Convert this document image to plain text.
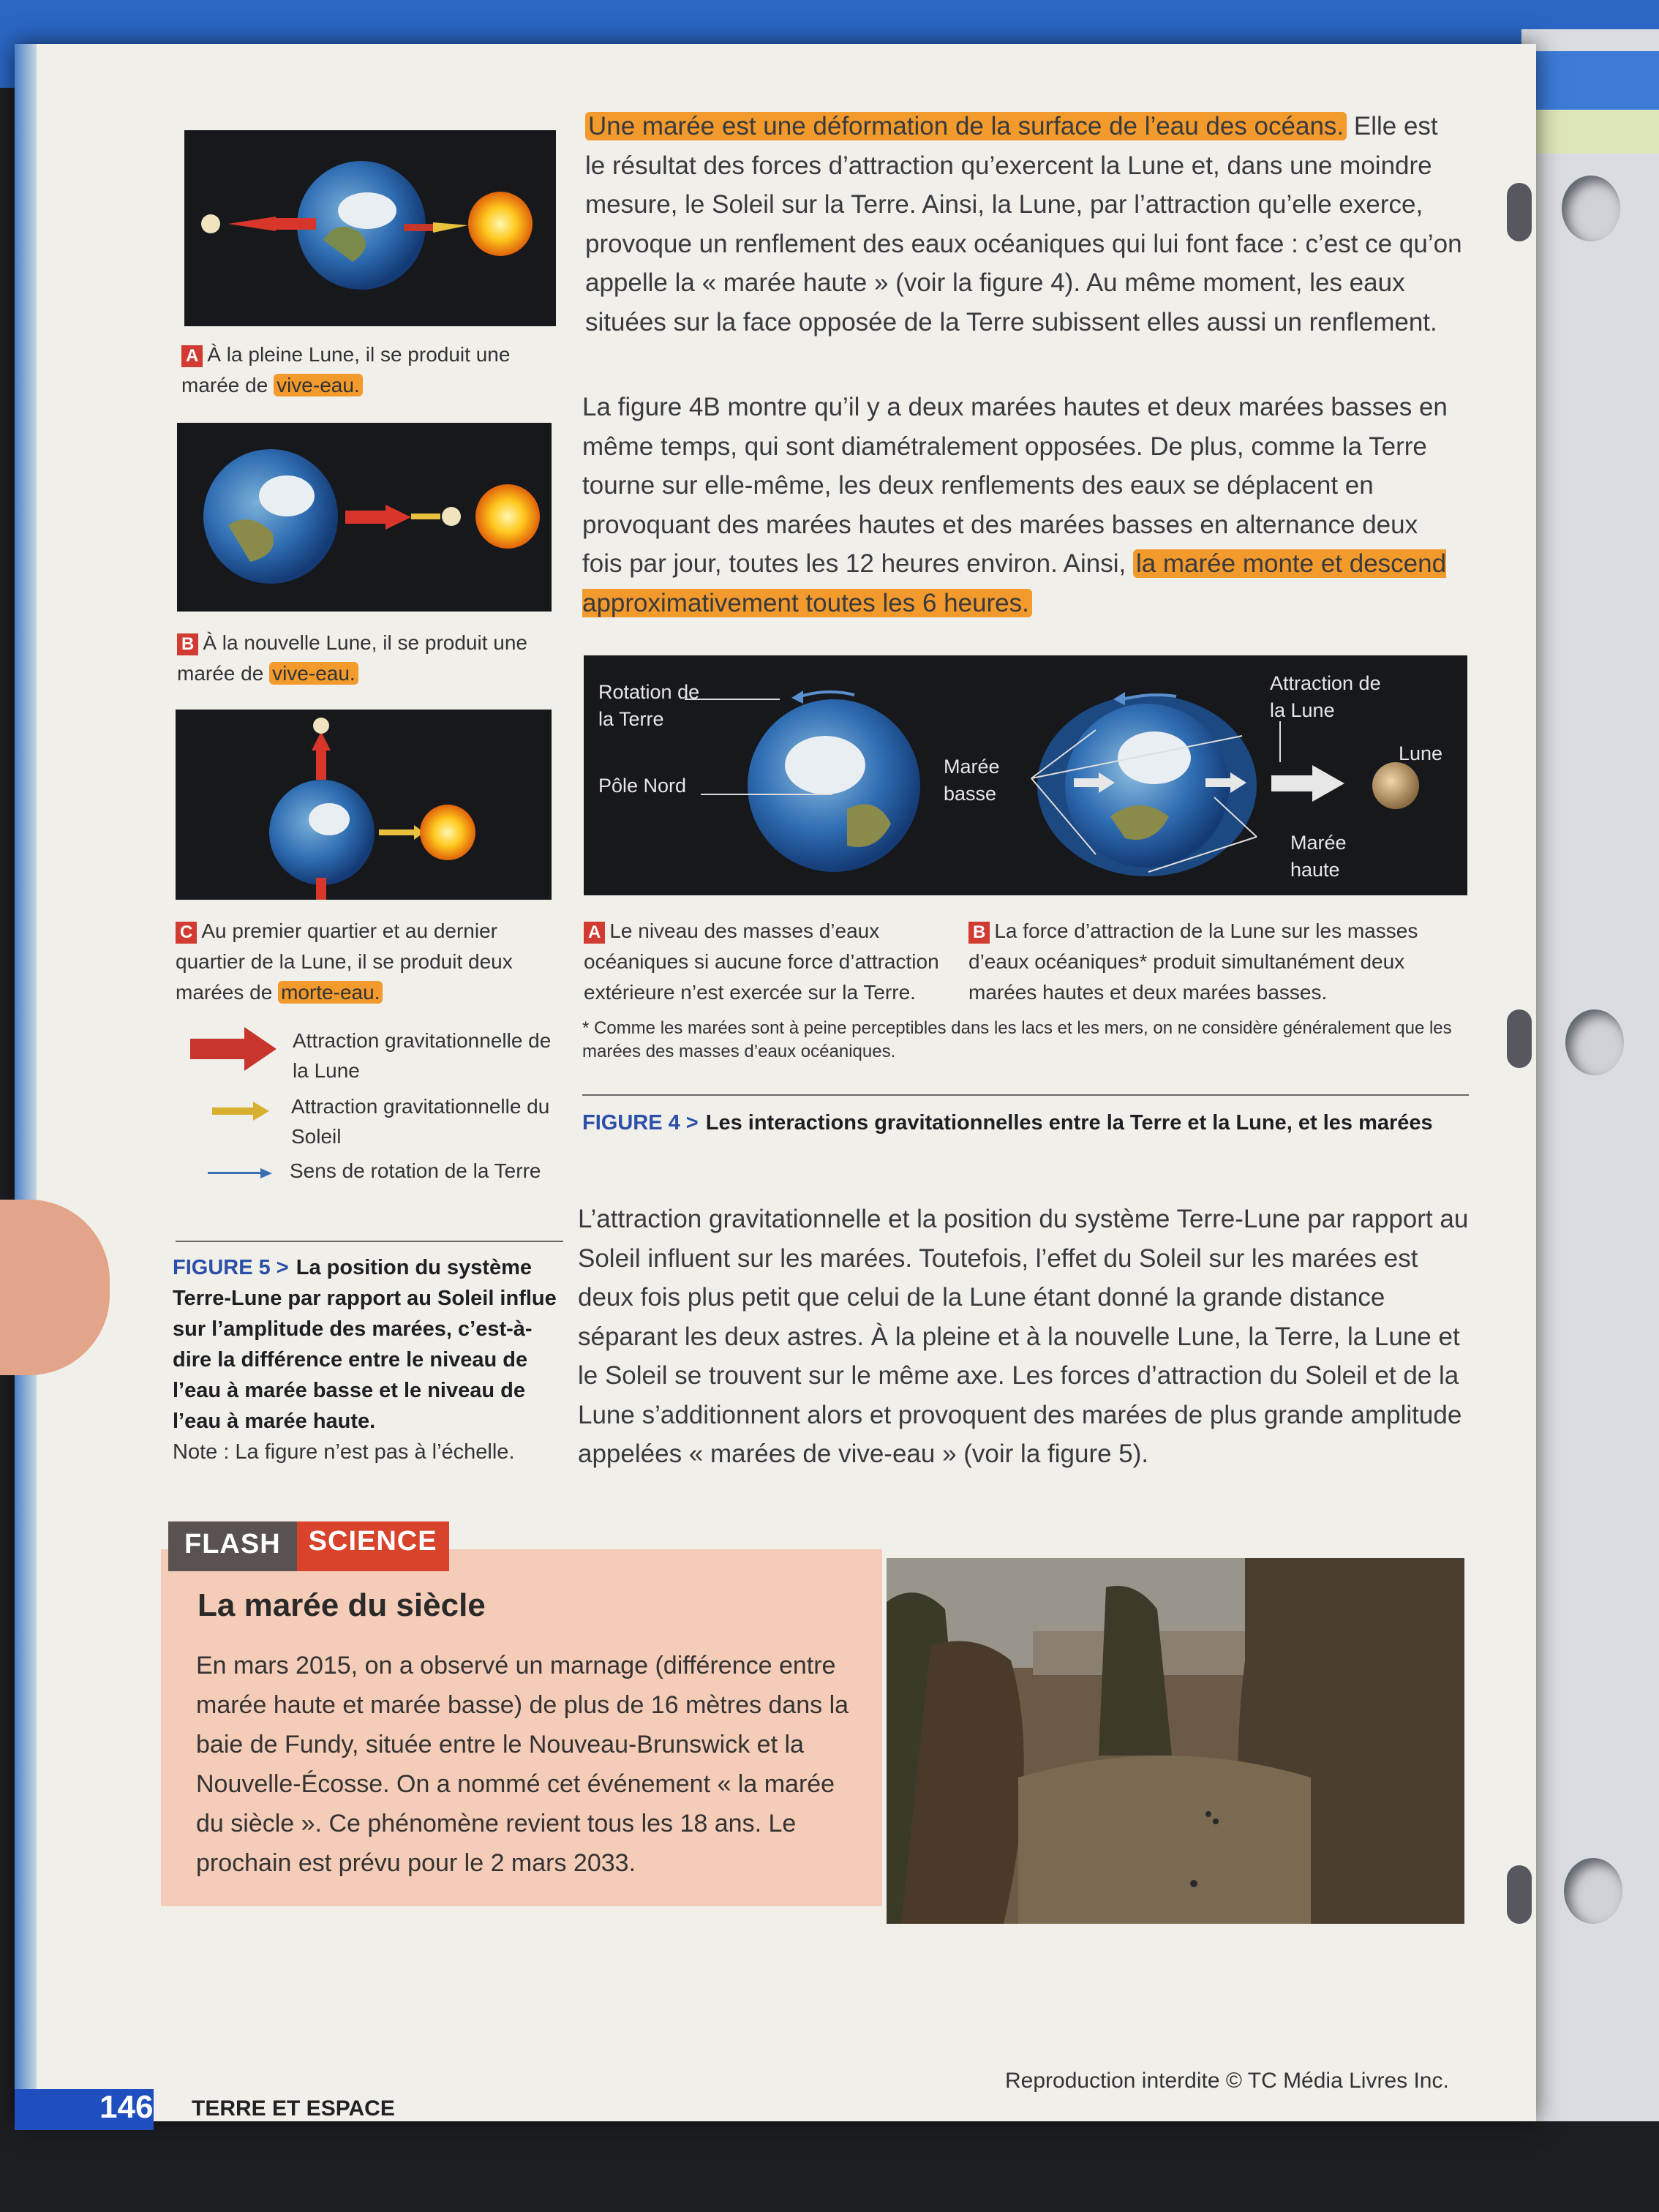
A À la pleine Lune, il se produit une marée de vive-eau.
B À la nouvelle Lune, il se produit une marée de vive-eau.
C Au premier quartier et au dernier quartier de la Lune, il se produit deux marées de morte-eau.
Attraction gravitationnelle de la Lune
Attraction gravitationnelle du Soleil
Sens de rotation de la Terre
FIGURE 5 > La position du système Terre-Lune par rapport au Soleil influe sur l’amplitude des marées, c’est-à-dire la différence entre le niveau de l’eau à marée basse et le niveau de l’eau à marée haute.
Note : La figure n’est pas à l’échelle.

Une marée est une déformation de la surface de l’eau des océans. Elle est le résultat des forces d’attraction qu’exercent la Lune et, dans une moindre mesure, le Soleil sur la Terre. Ainsi, la Lune, par l’attraction qu’elle exerce, provoque un renflement des eaux océaniques qui lui font face : c’est ce qu’on appelle la « marée haute » (voir la figure 4). Au même moment, les eaux situées sur la face opposée de la Terre subissent elles aussi un renflement.

La figure 4B montre qu’il y a deux marées hautes et deux marées basses en même temps, qui sont diamétralement opposées. De plus, comme la Terre tourne sur elle-même, les deux renflements des eaux se déplacent en provoquant des marées hautes et des marées basses en alternance deux fois par jour, toutes les 12 heures environ. Ainsi, la marée monte et descend approximativement toutes les 6 heures.

Rotation de la Terre
Pôle Nord
Marée basse
Attraction de la Lune
Lune
Marée haute
A Le niveau des masses d’eaux océaniques si aucune force d’attraction extérieure n’est exercée sur la Terre.
B La force d’attraction de la Lune sur les masses d’eaux océaniques* produit simultanément deux marées hautes et deux marées basses.
* Comme les marées sont à peine perceptibles dans les lacs et les mers, on ne considère généralement que les marées des masses d’eaux océaniques.
FIGURE 4 > Les interactions gravitationnelles entre la Terre et la Lune, et les marées
L’attraction gravitationnelle et la position du système Terre-Lune par rapport au Soleil influent sur les marées. Toutefois, l’effet du Soleil sur les marées est deux fois plus petit que celui de la Lune étant donné la grande distance séparant les deux astres. À la pleine et à la nouvelle Lune, la Terre, la Lune et le Soleil se trouvent sur le même axe. Les forces d’attraction du Soleil et de la Lune s’additionnent alors et provoquent des marées de plus grande amplitude appelées « marées de vive-eau » (voir la figure 5).
FLASH	SCIENCE
La marée du siècle
En mars 2015, on a observé un marnage (différence entre marée haute et marée basse) de plus de 16 mètres dans la baie de Fundy, située entre le Nouveau-Brunswick et la Nouvelle-Écosse. On a nommé cet événement « la marée du siècle ». Ce phénomène revient tous les 18 ans. Le prochain est prévu pour le 2 mars 2033.
146 TERRE ET ESPACE
Reproduction interdite © TC Média Livres Inc.
